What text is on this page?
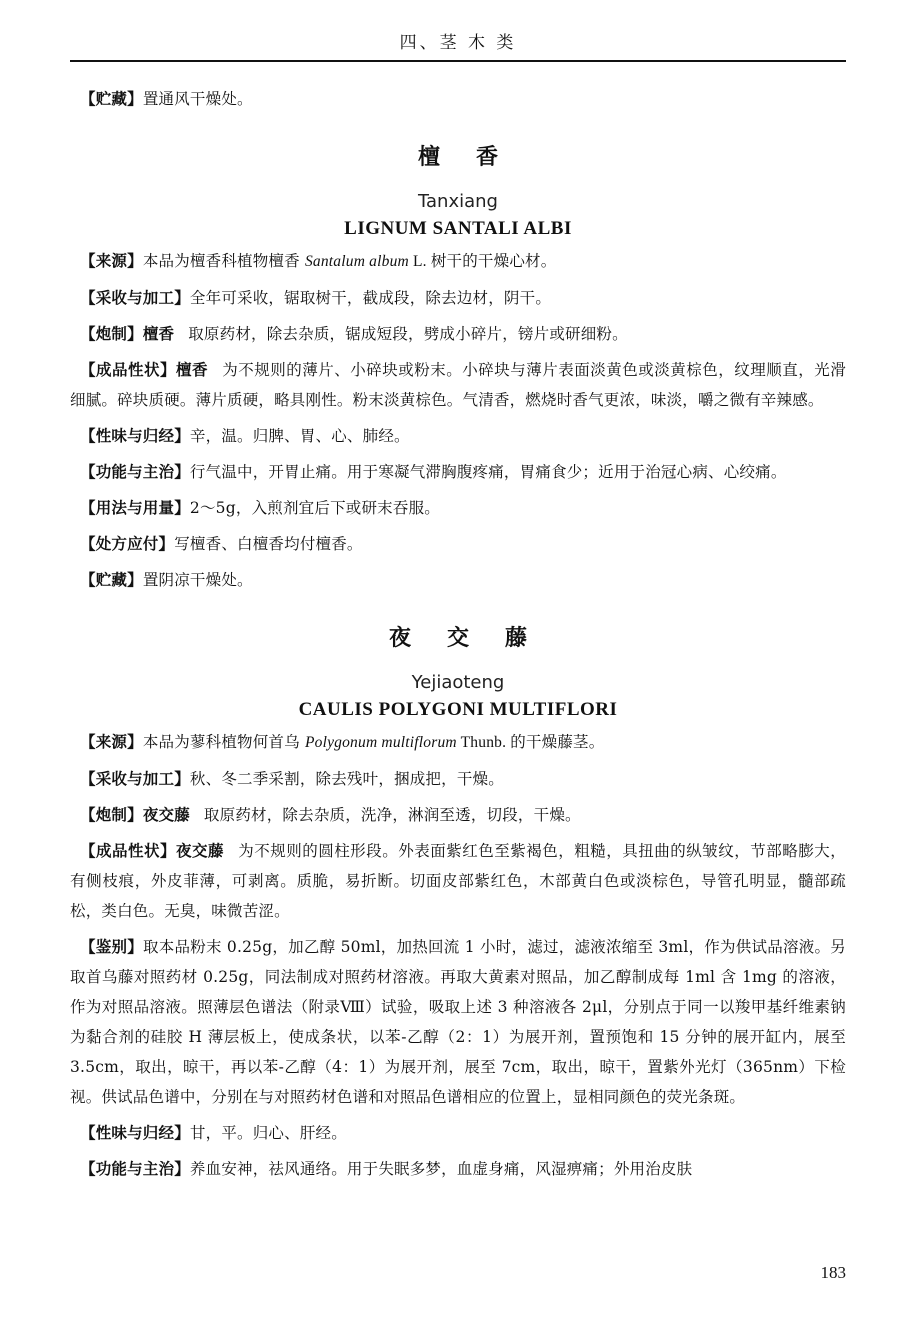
四、茎 木 类

【 贮藏 】 置通风干燥处。

檀香
Tanxiang
LIGNUM SANTALI ALBI

【 来源 】 本品为檀香科植物檀香 Santalum album L. 树干的干燥心材。

【 采收与加工 】 全年可采收，锯取树干，截成段，除去边材，阴干。

【 炮制 】 檀香 取原药材，除去杂质，锯成短段，劈成小碎片，镑片或研细粉。

【 成品性状 】 檀香 为不规则的薄片、小碎块或粉末。小碎块与薄片表面淡黄色或淡黄棕色，纹理顺直，光滑细腻。碎块质硬。薄片质硬，略具刚性。粉末淡黄棕色。气清香，燃烧时香气更浓，味淡，嚼之微有辛辣感。

【 性味与归经 】 辛，温。归脾、胃、心、肺经。

【 功能与主治 】 行气温中，开胃止痛。用于寒凝气滞胸腹疼痛，胃痛食少；近用于治冠心病、心绞痛。

【 用法与用量 】 2～5g，入煎剂宜后下或研末吞服。

【 处方应付 】 写檀香、白檀香均付檀香。

【 贮藏 】 置阴凉干燥处。

夜交藤
Yejiaoteng
CAULIS POLYGONI MULTIFLORI

【 来源 】 本品为蓼科植物何首乌 Polygonum multiflorum Thunb. 的干燥藤茎。

【 采收与加工 】 秋、冬二季采割，除去残叶，捆成把，干燥。

【 炮制 】 夜交藤 取原药材，除去杂质，洗净，淋润至透，切段，干燥。

【 成品性状 】 夜交藤 为不规则的圆柱形段。外表面紫红色至紫褐色，粗糙，具扭曲的纵皱纹，节部略膨大，有侧枝痕，外皮菲薄，可剥离。质脆，易折断。切面皮部紫红色，木部黄白色或淡棕色，导管孔明显，髓部疏松，类白色。无臭，味微苦涩。

【 鉴别 】 取本品粉末 0.25g，加乙醇 50ml，加热回流 1 小时，滤过，滤液浓缩至 3ml，作为供试品溶液。另取首乌藤对照药材 0.25g，同法制成对照药材溶液。再取大黄素对照品，加乙醇制成每 1ml 含 1mg 的溶液，作为对照品溶液。照薄层色谱法（附录Ⅷ）试验，吸取上述 3 种溶液各 2μl，分别点于同一以羧甲基纤维素钠为黏合剂的硅胶 H 薄层板上，使成条状，以苯-乙醇（2：1）为展开剂，置预饱和 15 分钟的展开缸内，展至 3.5cm，取出，晾干，再以苯-乙醇（4：1）为展开剂，展至 7cm，取出，晾干，置紫外光灯（365nm）下检视。供试品色谱中，分别在与对照药材色谱和对照品色谱相应的位置上，显相同颜色的荧光条斑。

【 性味与归经 】 甘，平。归心、肝经。

【 功能与主治 】 养血安神，祛风通络。用于失眠多梦，血虚身痛，风湿痹痛；外用治皮肤

183
